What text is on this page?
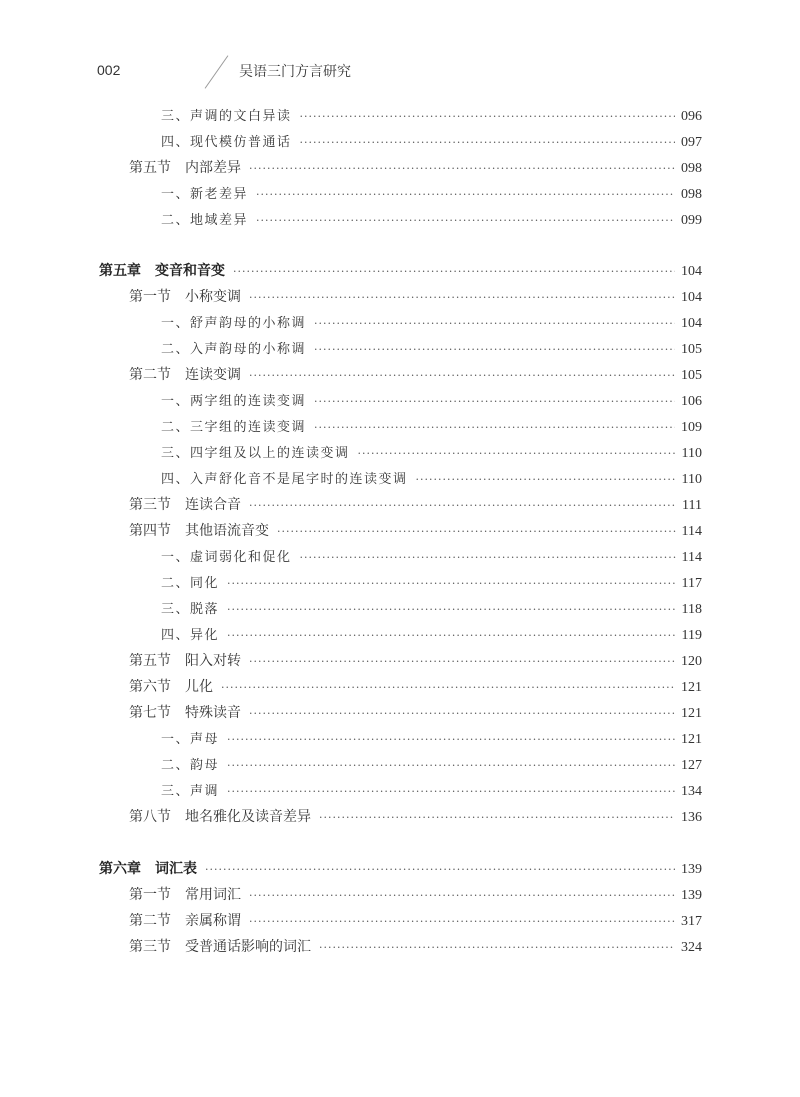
002	吴语三门方言研究
三、声调的文白异读 ·····	096
四、现代模仿普通话 ·····	097
第五节　内部差异 ·····	098
一、新老差异 ·····	098
二、地域差异 ·····	099
第五章　变音和音变 ·····	104
第一节　小称变调 ·····	104
一、舒声韵母的小称调 ·····	104
二、入声韵母的小称调 ·····	105
第二节　连读变调 ·····	105
一、两字组的连读变调 ·····	106
二、三字组的连读变调 ·····	109
三、四字组及以上的连读变调 ·····	110
四、入声舒化音不是尾字时的连读变调 ·····	110
第三节　连读合音 ·····	111
第四节　其他语流音变 ·····	114
一、虚词弱化和促化 ·····	114
二、同化 ·····	117
三、脱落 ·····	118
四、异化 ·····	119
第五节　阳入对转 ·····	120
第六节　儿化 ·····	121
第七节　特殊读音 ·····	121
一、声母 ·····	121
二、韵母 ·····	127
三、声调 ·····	134
第八节　地名雅化及读音差异 ·····	136
第六章　词汇表 ·····	139
第一节　常用词汇 ·····	139
第二节　亲属称谓 ·····	317
第三节　受普通话影响的词汇 ·····	324
